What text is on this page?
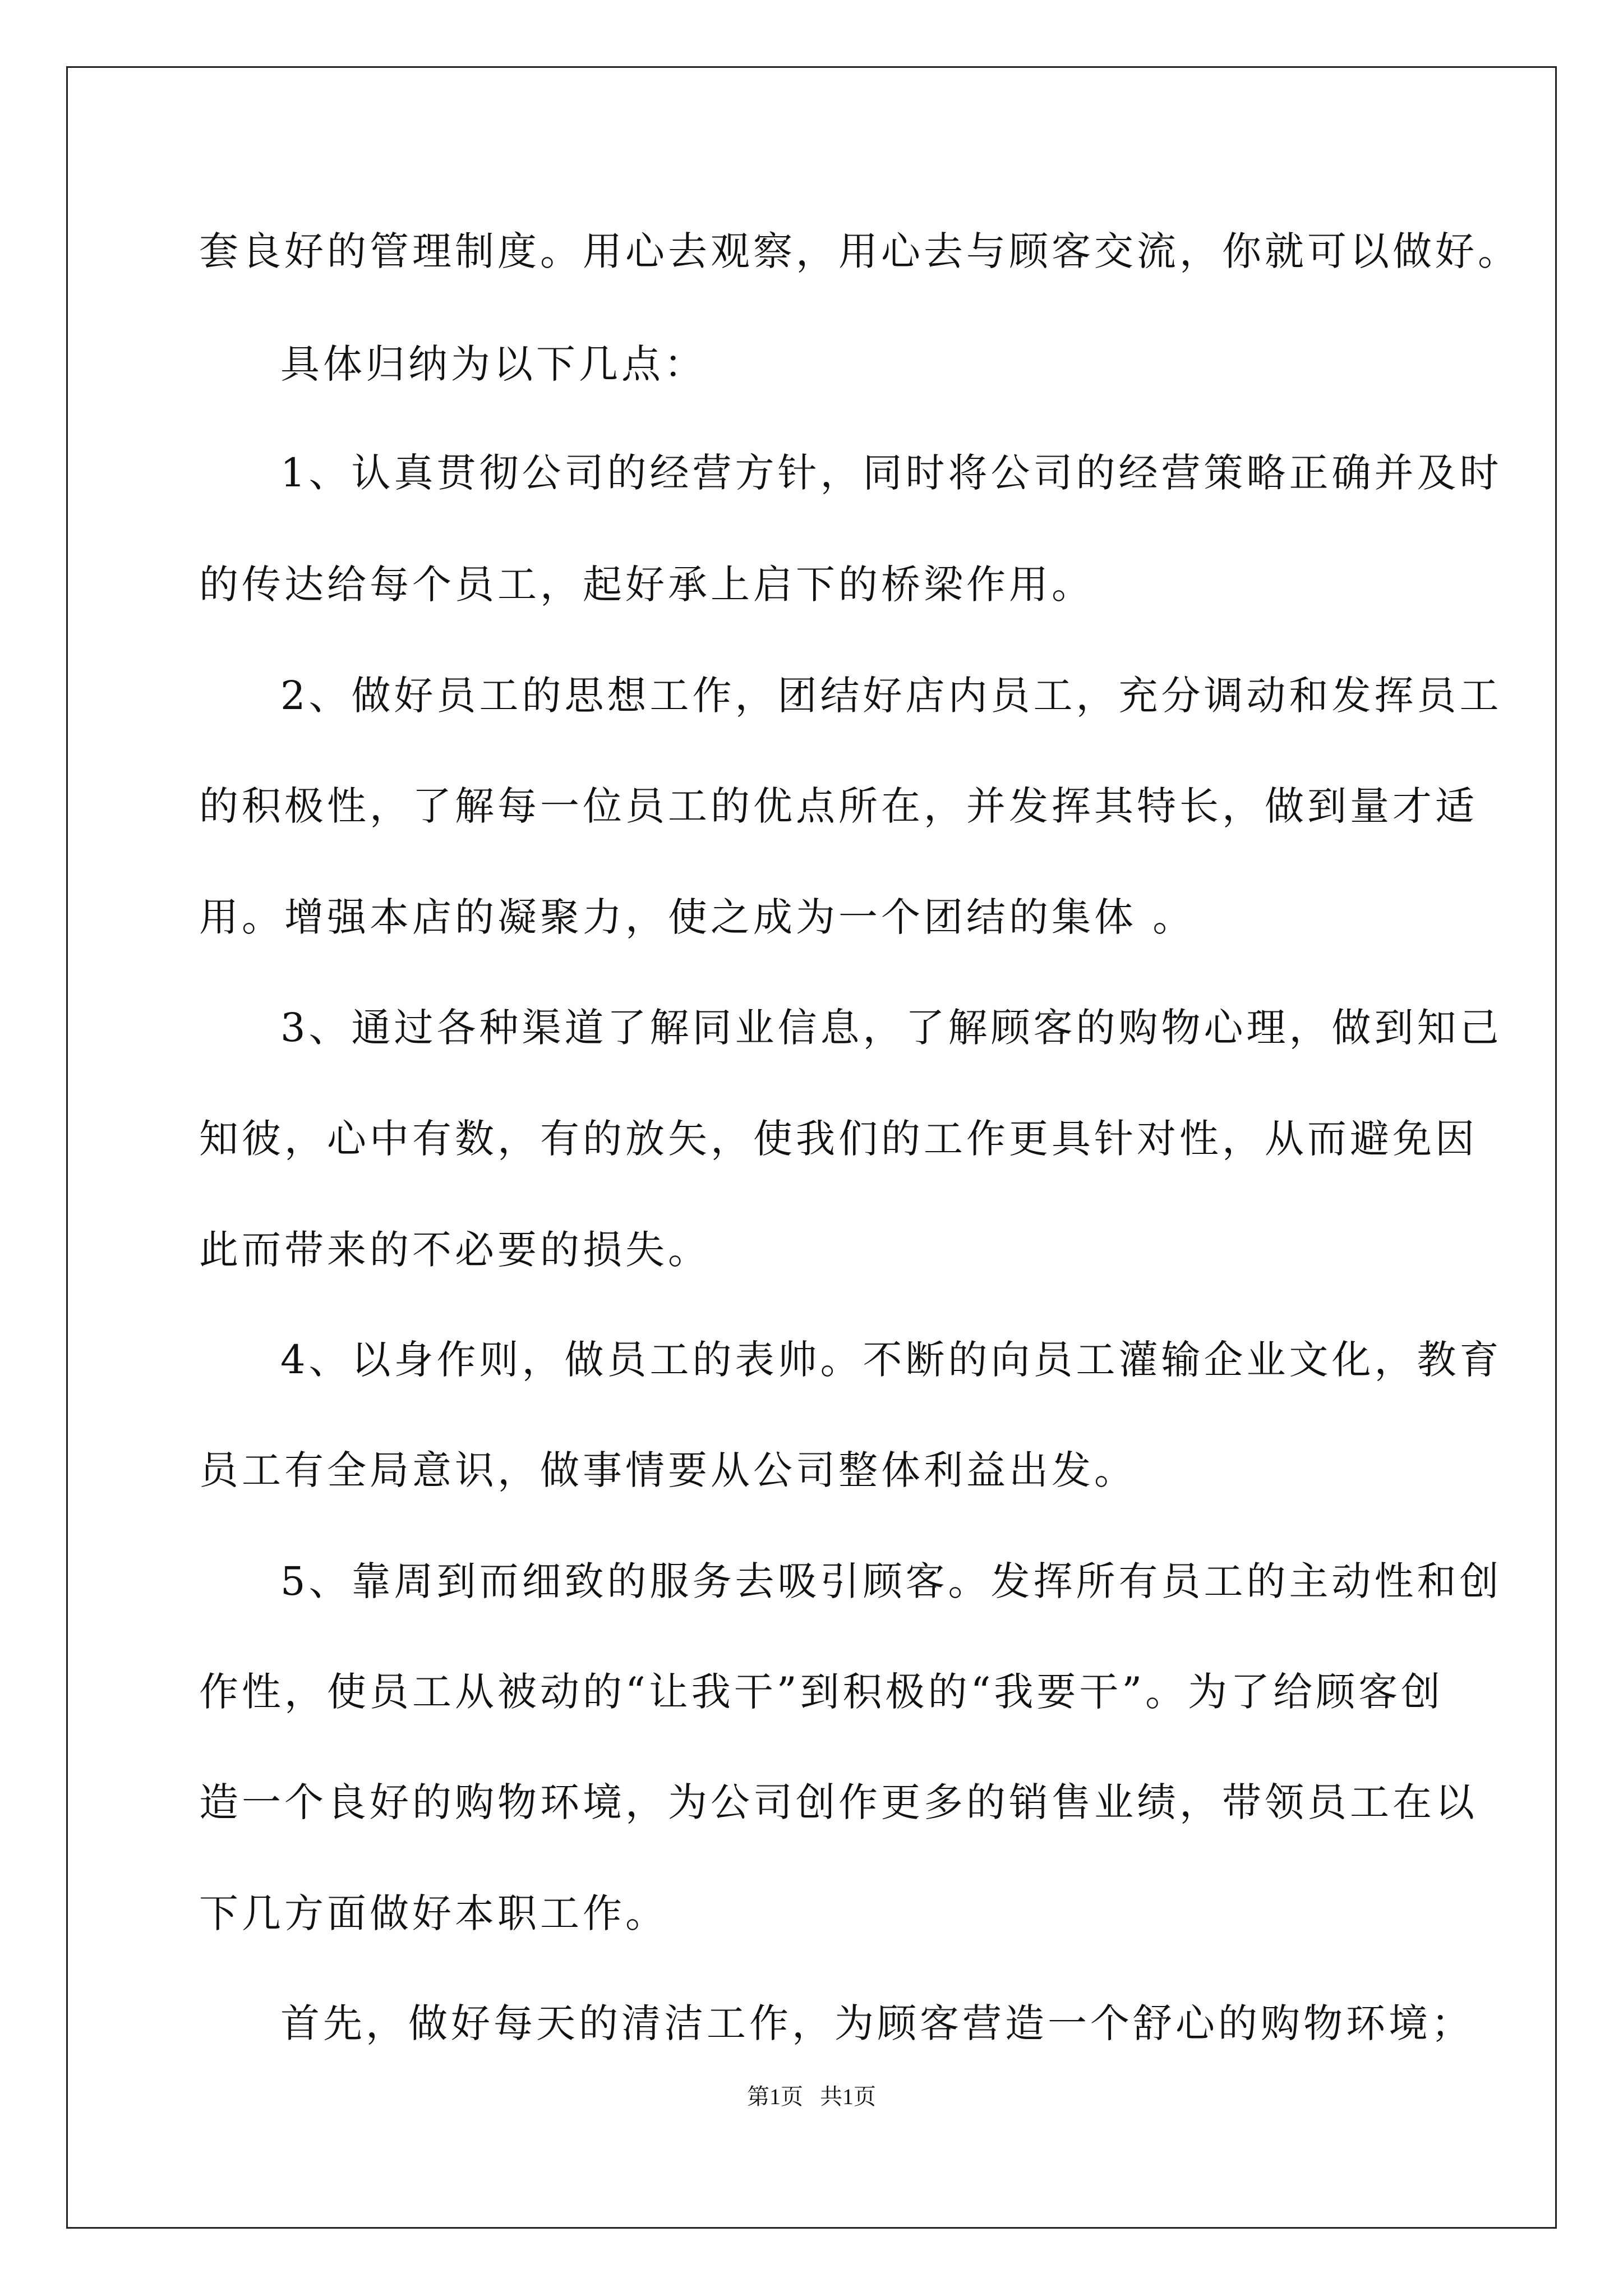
套良好的管理制度。用心去观察，用心去与顾客交流，你就可以做好。
具体归纳为以下几点：
1、认真贯彻公司的经营方针，同时将公司的经营策略正确并及时
的传达给每个员工，起好承上启下的桥梁作用。
2、做好员工的思想工作，团结好店内员工，充分调动和发挥员工
的积极性，了解每一位员工的优点所在，并发挥其特长，做到量才适
用。增强本店的凝聚力，使之成为一个团结的集体 。
3、通过各种渠道了解同业信息，了解顾客的购物心理，做到知己
知彼，心中有数，有的放矢，使我们的工作更具针对性，从而避免因
此而带来的不必要的损失。
4、以身作则，做员工的表帅。不断的向员工灌输企业文化，教育
员工有全局意识，做事情要从公司整体利益出发。
5、靠周到而细致的服务去吸引顾客。发挥所有员工的主动性和创
作性，使员工从被动的“让我干”到积极的“我要干”。为了给顾客创
造一个良好的购物环境，为公司创作更多的销售业绩，带领员工在以
下几方面做好本职工作。
首先，做好每天的清洁工作，为顾客营造一个舒心的购物环境；
第1页   共1页
